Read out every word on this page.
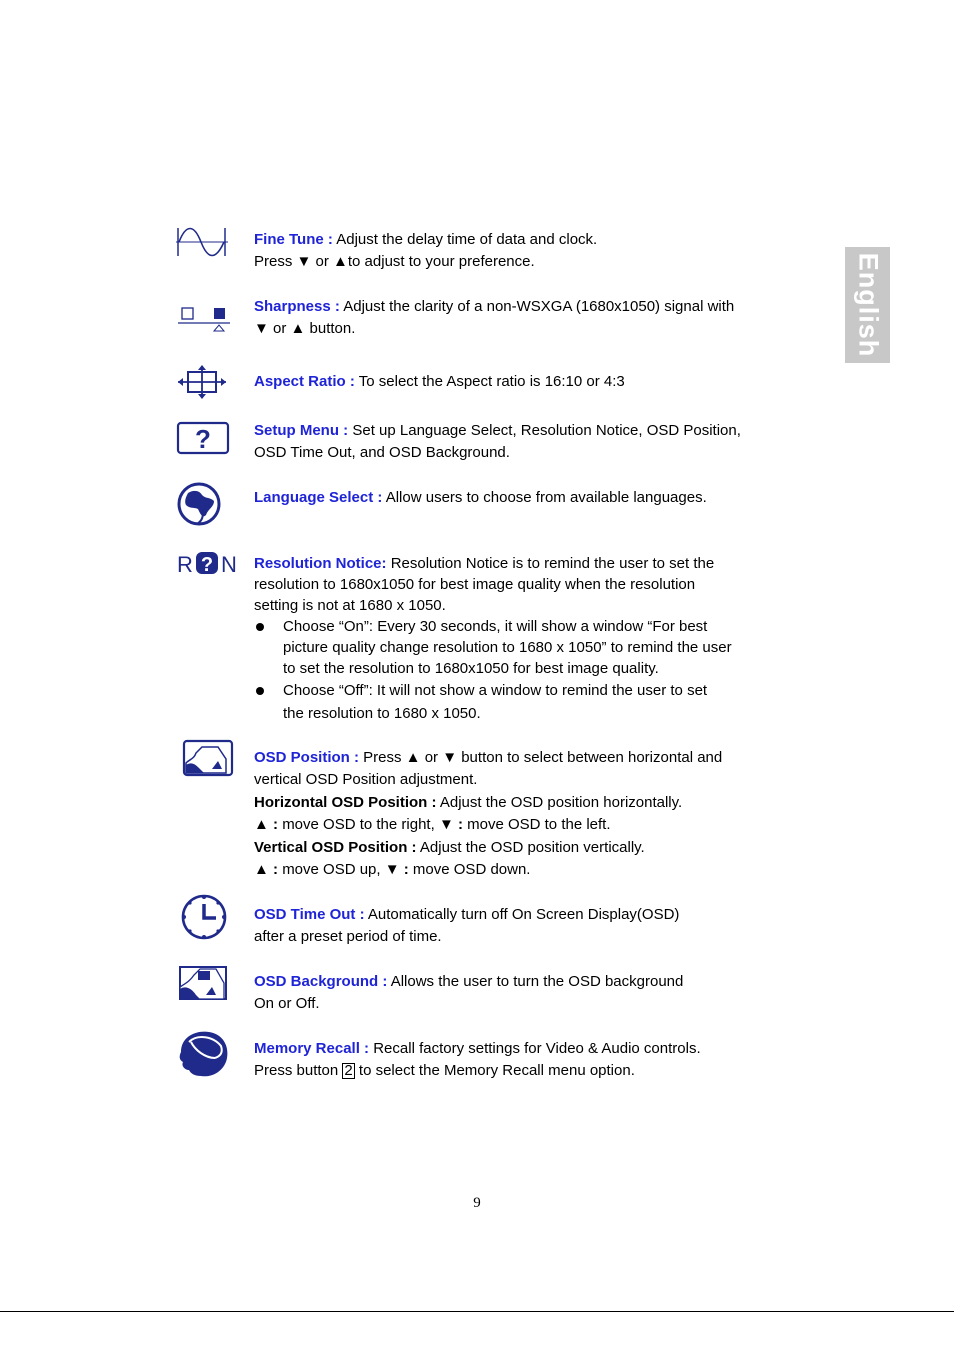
English
Fine Tune : Adjust the delay time of data and clock.
Press ▼ or ▲to adjust to your preference.
Sharpness : Adjust the clarity of a non-WSXGA (1680x1050) signal with
▼ or ▲ button.
Aspect Ratio : To select the Aspect ratio is 16:10 or 4:3
?	Setup Menu : Set up Language Select, Resolution Notice, OSD Position,
OSD Time Out, and OSD Background.
Language Select : Allow users to choose from available languages.
R ? N Resolution Notice: Resolution Notice is to remind the user to set the
resolution to 1680x1050 for best image quality when the resolution
setting is not at 1680 x 1050.
Choose “On”: Every 30 seconds, it will show a window “For best
picture quality change resolution to 1680 x 1050” to remind the user
to set the resolution to 1680x1050 for best image quality.
Choose “Off”: It will not show a window to remind the user to set
the resolution to 1680 x 1050.
OSD Position : Press ▲ or ▼ button to select between horizontal and
vertical OSD Position adjustment.
Horizontal OSD Position : Adjust the OSD position horizontally.
▲ : move OSD to the right, ▼ : move OSD to the left.
Vertical OSD Position : Adjust the OSD position vertically.
▲ : move OSD up, ▼ : move OSD down.
OSD Time Out : Automatically turn off On Screen Display(OSD)
after a preset period of time.
OSD Background : Allows the user to turn the OSD background
On or Off.
Memory Recall : Recall factory settings for Video & Audio controls.
Press button 2 to select the Memory Recall menu option.
9
